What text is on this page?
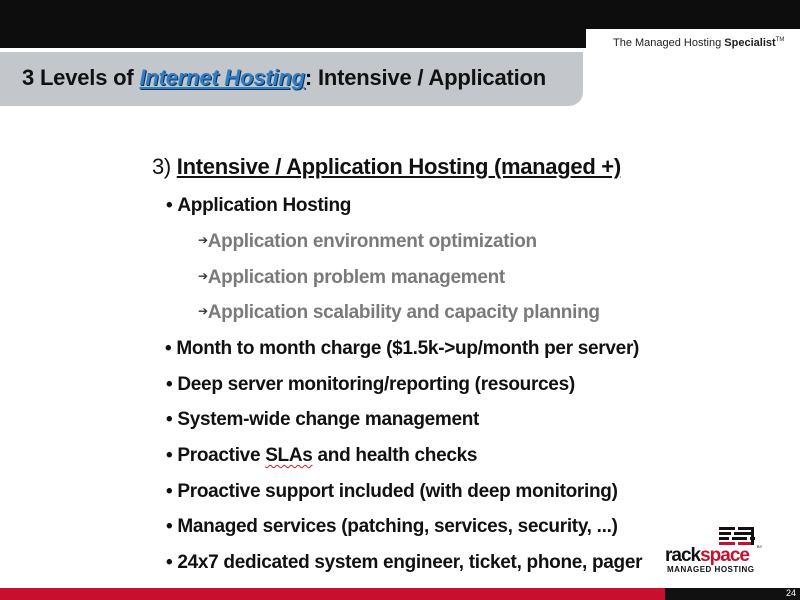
The Managed Hosting Specialist™
3 Levels of Internet Hosting: Intensive / Application
3) Intensive / Application Hosting (managed +)
• Application Hosting
➔Application environment optimization
➔Application problem management
➔Application scalability and capacity planning
• Month to month charge ($1.5k->up/month per server)
• Deep server monitoring/reporting (resources)
• System-wide change management
• Proactive SLAs and health checks
• Proactive support included (with deep monitoring)
• Managed services (patching, services, security, ...)
• 24x7 dedicated system engineer, ticket, phone, pager
BY
rackspace
MANAGED HOSTING
24
